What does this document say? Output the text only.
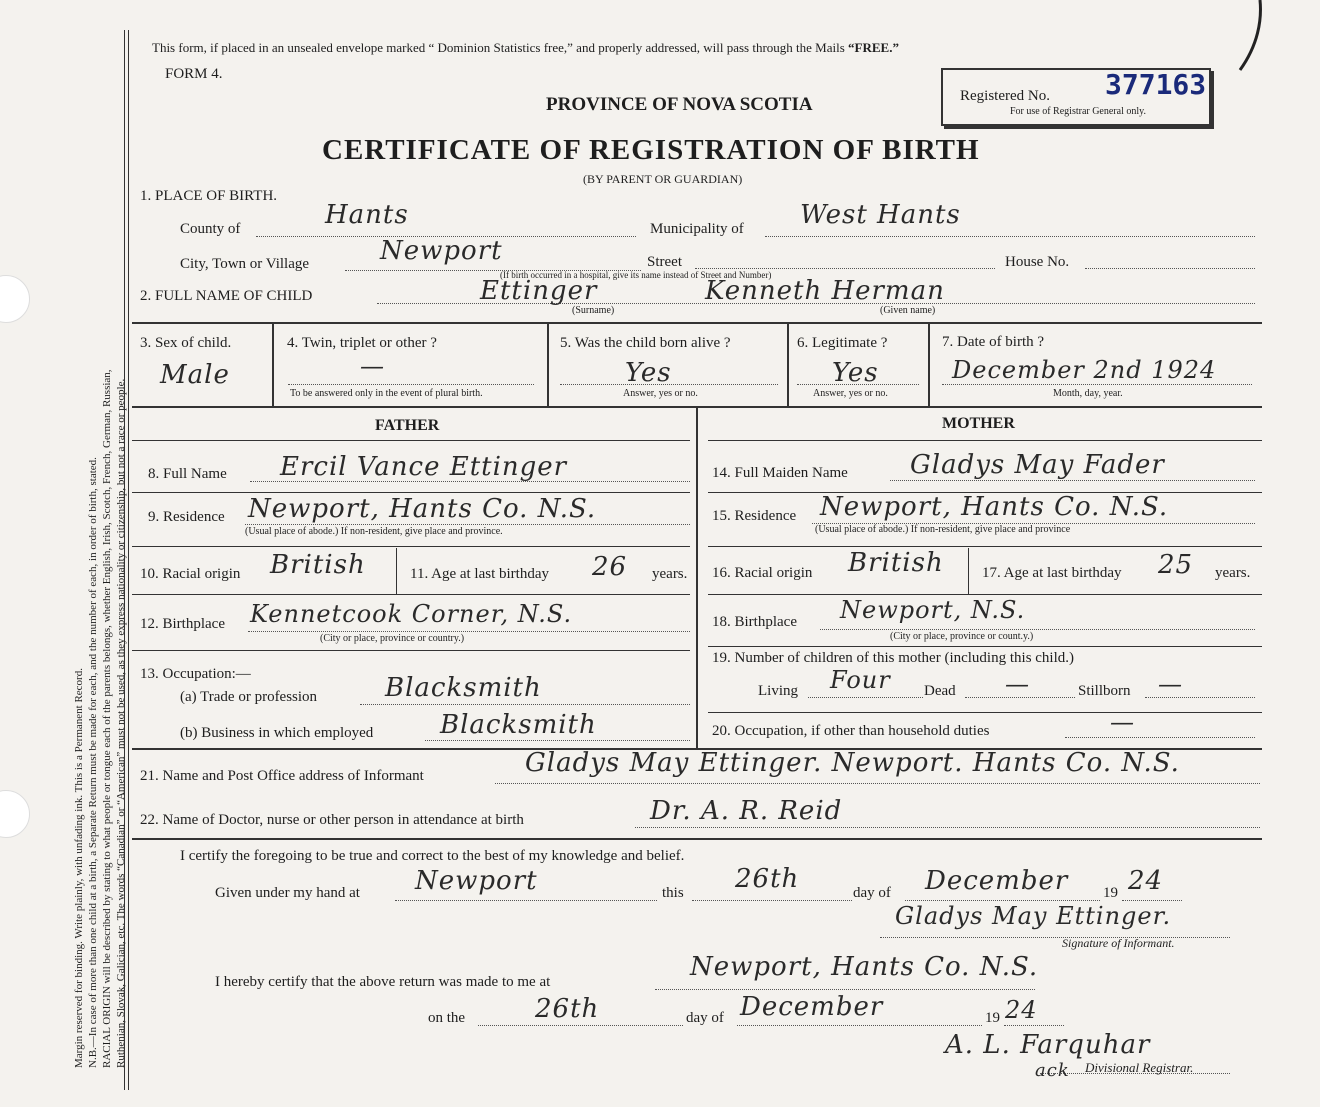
Margin reserved for binding. Write plainly, with unfading ink. This is a Permanent Record. N.B.—In case of more than one child at a birth, a Separate Return must be made for each, and the number of each, in order of birth, stated. RACIAL ORIGIN will be described by stating to what people or tongue each of the parents belongs, whether English, Irish, Scotch, French, German, Russian, Ruthenian, Slovak, Galician, etc. The words “Canadian” or “American” must not be used, as they express nationality or citizenship, but not a race or people.
This form, if placed in an unsealed envelope marked “ Dominion Statistics free,” and properly addressed, will pass through the Mails “FREE.”
FORM 4.
PROVINCE OF NOVA SCOTIA
CERTIFICATE OF REGISTRATION OF BIRTH
(BY PARENT OR GUARDIAN)
Registered No. 377163
For use of Registrar General only.
1. PLACE OF BIRTH.
County of	Hants	Municipality of West Hants
City, Town or Village	Newport	Street	House No.
(If birth occurred in a hospital, give its name instead of Street and Number)
2. FULL NAME OF CHILD	Ettinger	Kenneth Herman
(Surname)	(Given name)
3. Sex of child.
Male
4. Twin, triplet or other ?
—
To be answered only in the event of plural birth.
5. Was the child born alive ?
Yes
Answer, yes or no.
6. Legitimate ?
Yes
Answer, yes or no.
7. Date of birth ?
December 2nd 1924
Month, day, year.
FATHER	MOTHER
8. Full Name Ercil Vance Ettinger
9. Residence Newport, Hants Co. N.S.
(Usual place of abode.) If non-resident, give place and province.
10. Racial origin British	11. Age at last birthday 26 years.
12. Birthplace Kennetcook Corner, N.S.
(City or place, province or country.)
13. Occupation:—
(a) Trade or profession	Blacksmith
(b) Business in which employed	Blacksmith
14. Full Maiden Name Gladys May Fader
15. Residence Newport, Hants Co. N.S.
(Usual place of abode.) If non-resident, give place and province
16. Racial origin British	17. Age at last birthday 25 years.
18. Birthplace Newport, N.S.
(City or place, province or count.y.)
19. Number of children of this mother (including this child.)
Living Four Dead —	Stillborn —
20. Occupation, if other than household duties	—
21. Name and Post Office address of Informant	Gladys May Ettinger. Newport. Hants Co. N.S.
22. Name of Doctor, nurse or other person in attendance at birth	Dr. A. R. Reid
I certify the foregoing to be true and correct to the best of my knowledge and belief.
Given under my hand at Newport	this 26th	day of December 19 24
Gladys May Ettinger.
Signature of Informant.
I hereby certify that the above return was made to me at	Newport, Hants Co. N.S.
on the	26th	day of December	19 24
A. L. Farquhar
ack Divisional Registrar.
